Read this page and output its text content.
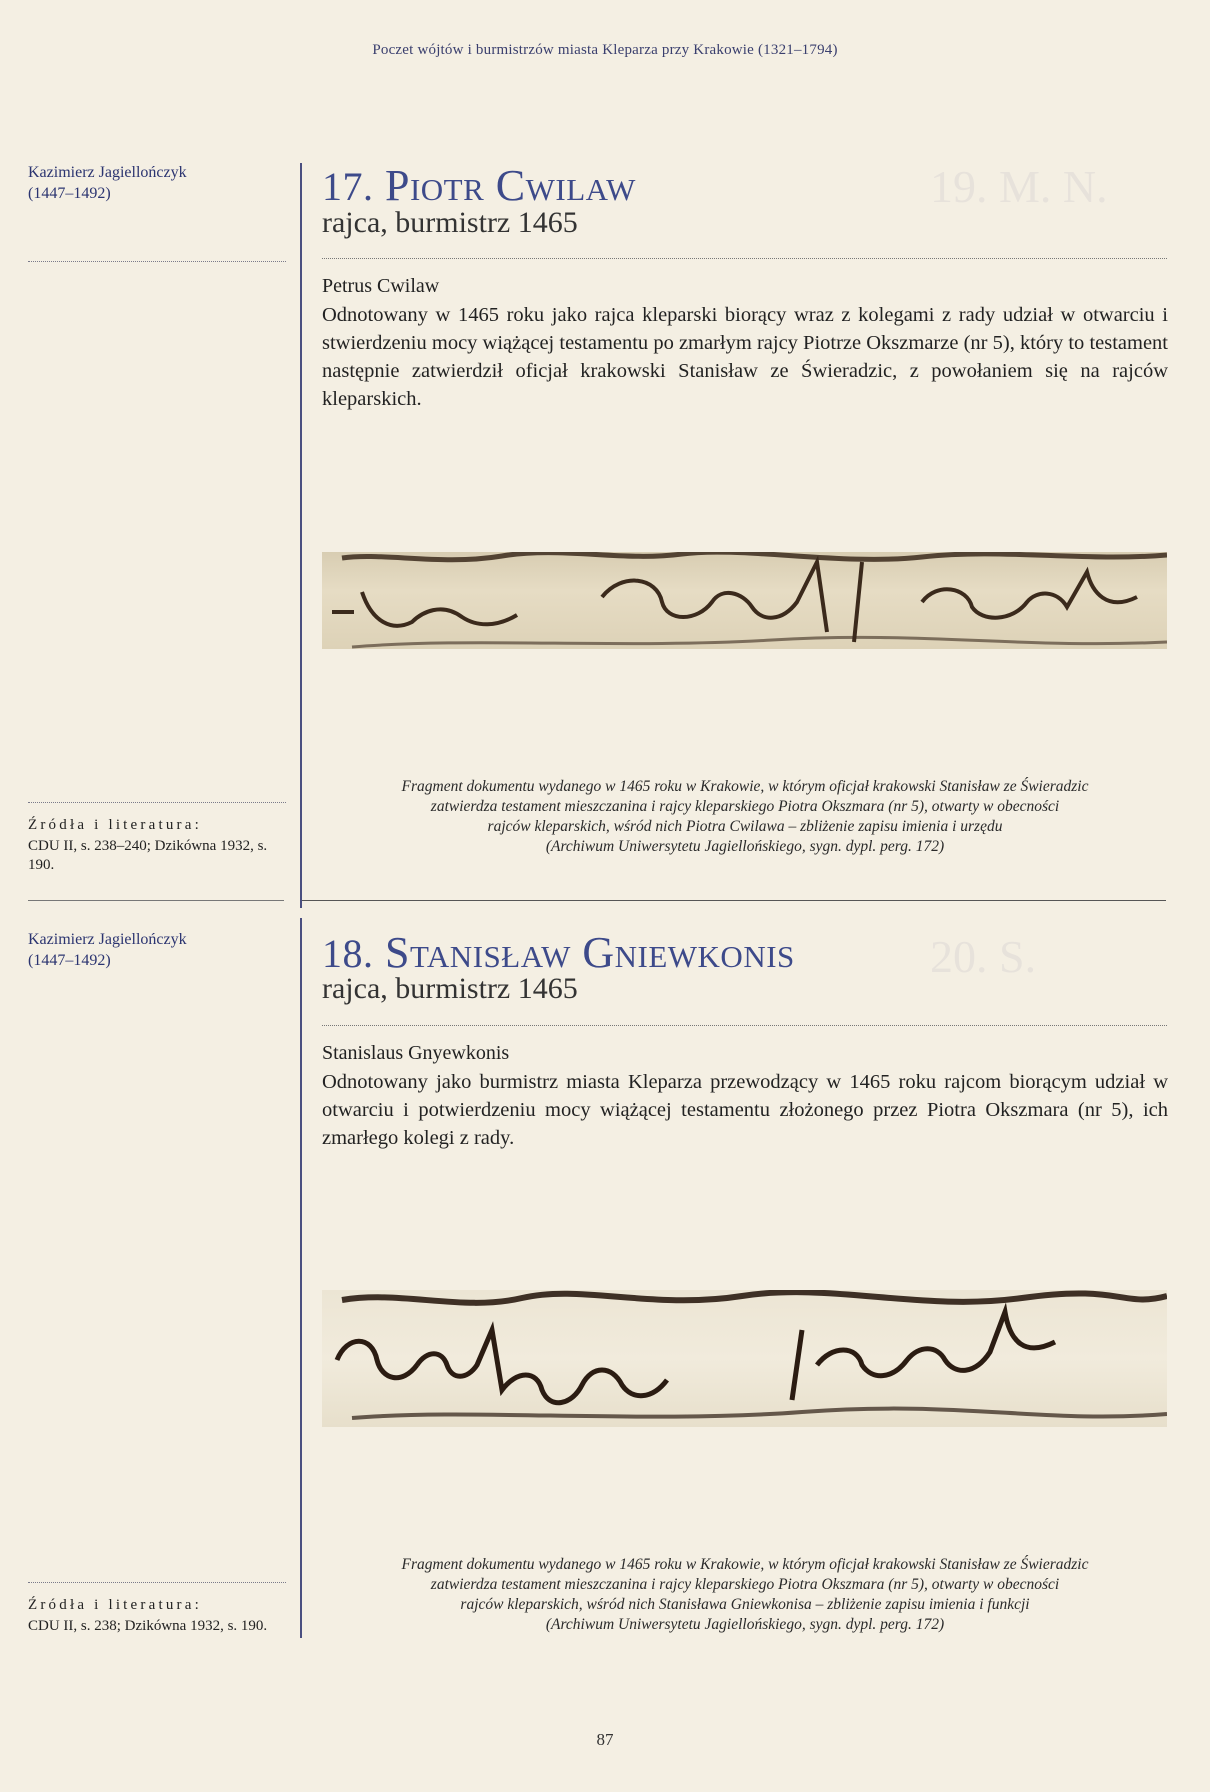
19. M. N.
20. S.
Poczet wójtów i burmistrzów miasta Kleparza przy Krakowie (1321–1794)
Kazimierz Jagiellończyk
(1447–1492)	17. Piotr Cwilaw
rajca, burmistrz 1465
Petrus Cwilaw
Odnotowany w 1465 roku jako rajca kleparski biorący wraz z kolegami z rady udział w otwarciu i stwierdzeniu mocy wiążącej testamentu po zmarłym rajcy Piotrze Okszmarze (nr 5), który to testament następnie zatwierdził oficjał krakowski Stanisław ze Świeradzic, z powołaniem się na rajców kleparskich.
Fragment dokumentu wydanego w 1465 roku w Krakowie, w którym oficjał krakowski Stanisław ze Świeradzic
zatwierdza testament mieszczanina i rajcy kleparskiego Piotra Okszmara (nr 5), otwarty w obecności
rajców kleparskich, wśród nich Piotra Cwilawa – zbliżenie zapisu imienia i urzędu
(Archiwum Uniwersytetu Jagiellońskiego, sygn. dypl. perg. 172)
Źródła i literatura:
CDU II, s. 238–240; Dzikówna 1932, s. 190.
Kazimierz Jagiellończyk
(1447–1492)	18. Stanisław Gniewkonis
rajca, burmistrz 1465
Stanislaus Gnyewkonis
Odnotowany jako burmistrz miasta Kleparza przewodzący w 1465 roku rajcom biorącym udział w otwarciu i potwierdzeniu mocy wiążącej testamentu złożonego przez Piotra Okszmara (nr 5), ich zmarłego kolegi z rady.
Fragment dokumentu wydanego w 1465 roku w Krakowie, w którym oficjał krakowski Stanisław ze Świeradzic
zatwierdza testament mieszczanina i rajcy kleparskiego Piotra Okszmara (nr 5), otwarty w obecności
rajców kleparskich, wśród nich Stanisława Gniewkonisa – zbliżenie zapisu imienia i funkcji
(Archiwum Uniwersytetu Jagiellońskiego, sygn. dypl. perg. 172)
Źródła i literatura:
CDU II, s. 238; Dzikówna 1932, s. 190.
87
